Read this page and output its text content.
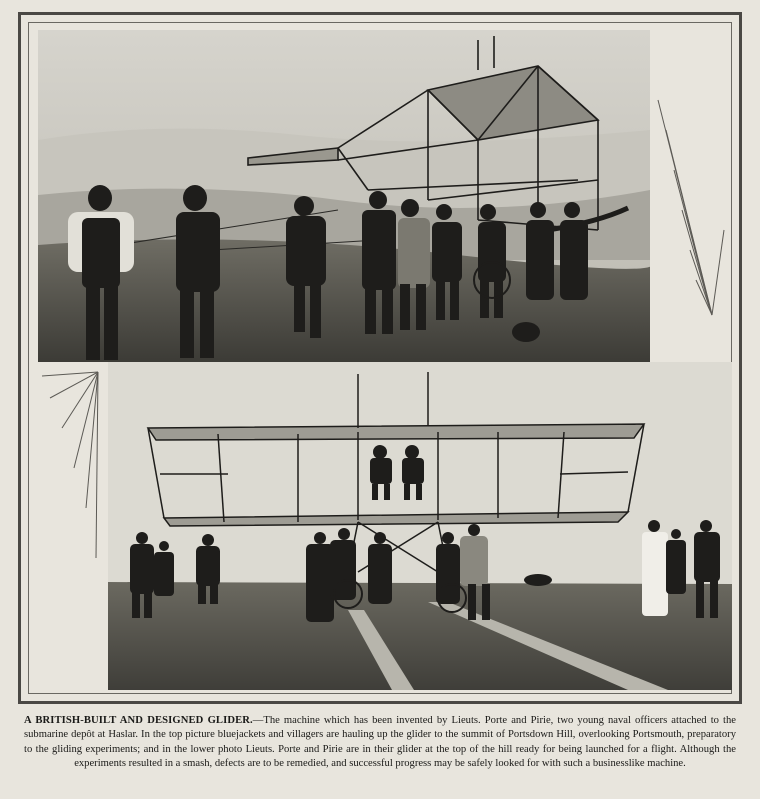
A BRITISH-BUILT AND DESIGNED GLIDER.—The machine which has been invented by Lieuts. Porte and Pirie, two young naval officers attached to the submarine depôt at Haslar. In the top picture bluejackets and villagers are hauling up the glider to the summit of Portsdown Hill, overlooking Portsmouth, preparatory to the gliding experiments; and in the lower photo Lieuts. Porte and Pirie are in their glider at the top of the hill ready for being launched for a flight. Although the experiments resulted in a smash, defects are to be remedied, and successful progress may be safely looked for with such a businesslike machine.
